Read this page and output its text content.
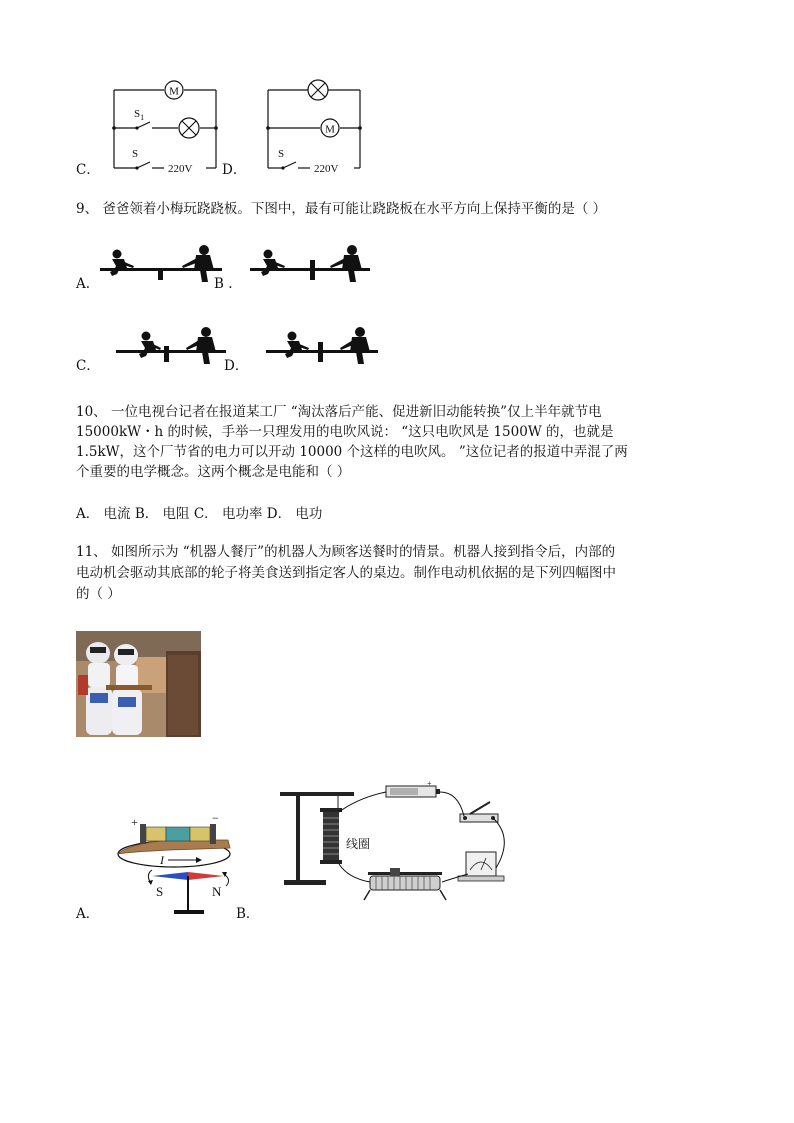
C．
M
$S_1$
S
220V D．
M
S
220V
9、 爸爸领着小梅玩跷跷板。下图中，最有可能让跷跷板在水平方向上保持平衡的是（ ）
A.	B .
C．	D．
10、 一位电视台记者在报道某工厂 “淘汰落后产能、促进新旧动能转换”仅上半年就节电
15000kW・h 的时候，手举一只理发用的电吹风说： “这只电吹风是 1500W 的，也就是
1.5kW，这个厂节省的电力可以开动 10000 个这样的电吹风。 ”这位记者的报道中弄混了两
个重要的电学概念。这两个概念是电能和（ ）
A． 电流 B． 电阻 C． 电功率 D． 电功
11、 如图所示为 “机器人餐厅”的机器人为顾客送餐时的情景。机器人接到指令后，内部的
电动机会驱动其底部的轮子将美食送到指定客人的桌边。制作电动机依据的是下列四幅图中
的（ ）
A．
+	−
I
S	N
B．
线圈
+
